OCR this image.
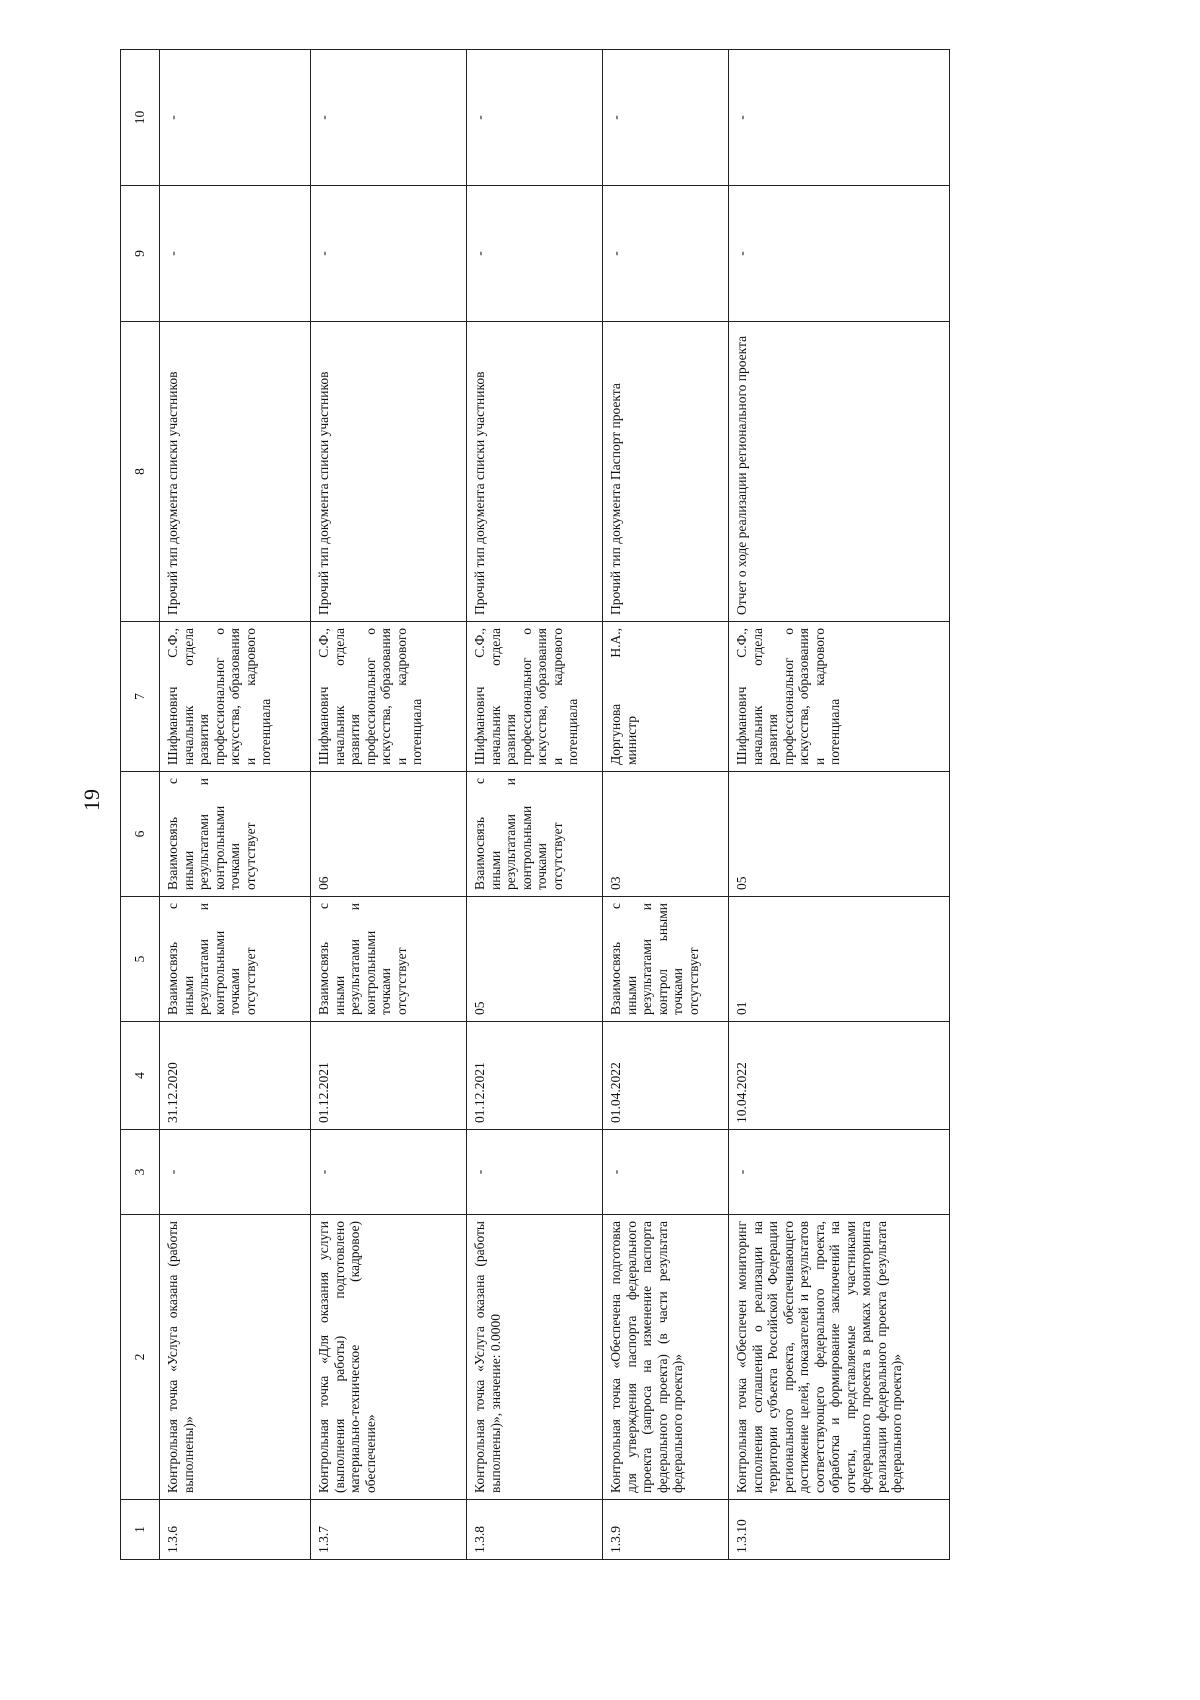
19
1	2	3	4	5	6	7	8	9	10
1.3.6	Контрольная точка «Услуга оказана (работы выполнены)»	-	31.12.2020	Взаимосвязь с иными результатами и контрольными точками отсутствует	Взаимосвязь с иными результатами и контрольными точками отсутствует	Шифманович С.Ф., начальник отдела развития профессиональног о искусства, образования и кадрового потенциала	Прочий тип документа списки участников	-	-
1.3.7	Контрольная точка «Для оказания услуги (выполнения работы) подготовлено материально-техническое (кадровое) обеспечение»	-	01.12.2021	Взаимосвязь с иными результатами и контрольными точками отсутствует	06	Шифманович С.Ф., начальник отдела развития профессиональног о искусства, образования и кадрового потенциала	Прочий тип документа списки участников	-	-
1.3.8	Контрольная точка «Услуга оказана (работы выполнены)», значение: 0.0000	-	01.12.2021	05	Взаимосвязь с иными результатами и контрольными точками отсутствует	Шифманович С.Ф., начальник отдела развития профессиональног о искусства, образования и кадрового потенциала	Прочий тип документа списки участников	-	-
1.3.9	Контрольная точка «Обеспечена подготовка для утверждения паспорта федерального проекта (запроса на изменение паспорта федерального проекта) (в части результата федерального проекта)»	-	01.04.2022	Взаимосвязь с иными результатами и контрол ьными точками отсутствует	03	Доргунова Н.А., министр	Прочий тип документа Паспорт проекта	-	-
1.3.10	Контрольная точка «Обеспечен мониторинг исполнения соглашений о реализации на территории субъекта Российской Федерации регионального проекта, обеспечивающего достижение целей, показателей и результатов соответствующего федерального проекта, обработка и формирование заключений на отчеты, представляемые участниками федерального проекта в рамках мониторинга реализации федерального проекта (результата федерального проекта)»	-	10.04.2022	01	05	Шифманович С.Ф., начальник отдела развития профессиональног о искусства, образования и кадрового потенциала	Отчет о ходе реализации регионального проекта	-	-
